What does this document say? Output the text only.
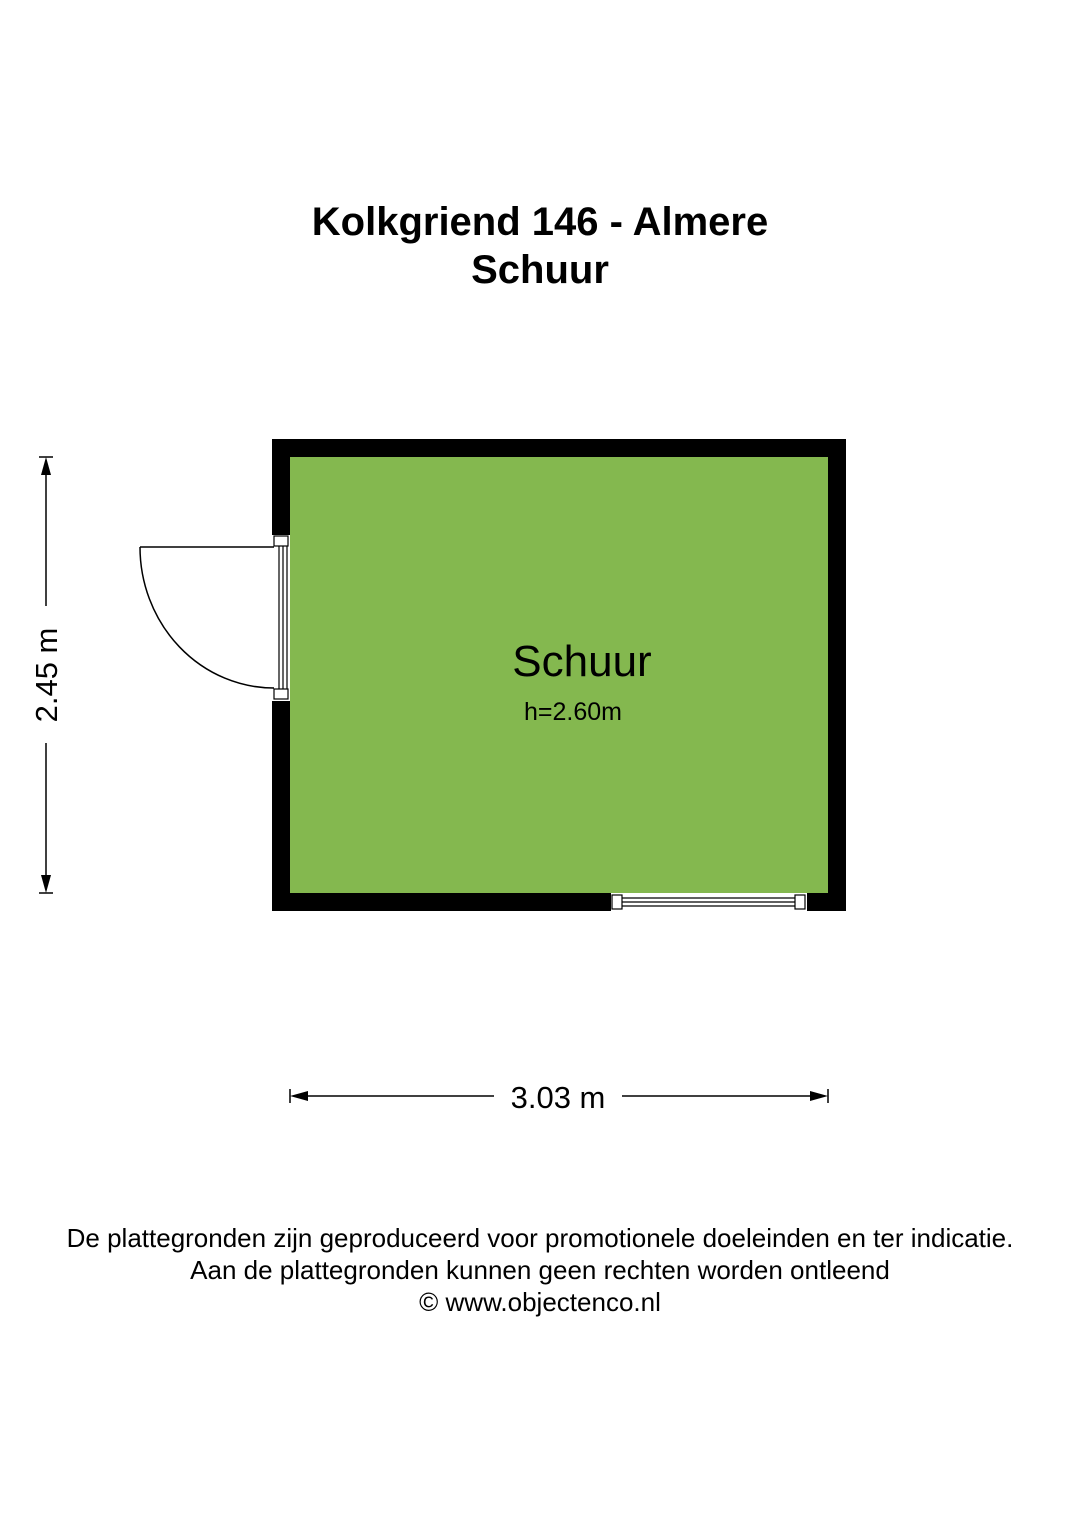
Kolkgriend 146 - Almere
Schuur
Schuur
h=2.60m
2.45 m
3.03 m
De plattegronden zijn geproduceerd voor promotionele doeleinden en ter indicatie.
Aan de plattegronden kunnen geen rechten worden ontleend
© www.objectenco.nl
